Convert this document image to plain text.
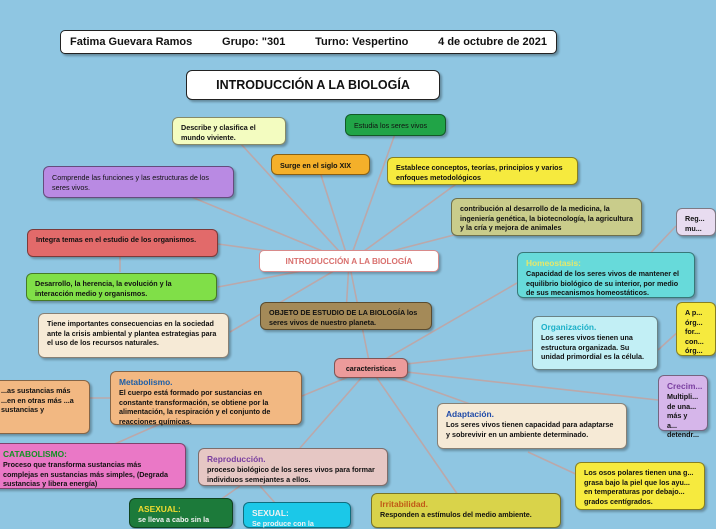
Fatima Guevara Ramos	Grupo: "301	Turno: Vespertino	4 de octubre de 2021
INTRODUCCIÓN A LA BIOLOGÍA
INTRODUCCIÓN A LA BIOLOGÍA
Describe y clasifica el mundo viviente.
Estudia los seres vivos
Surge en el siglo XIX
Comprende las funciones y las estructuras de los seres vivos.
Establece conceptos, teorías, principios y varios enfoques metodológicos
contribución al desarrollo de la medicina, la ingeniería genética, la biotecnología, la agricultura y la cría y mejora de animales
Integra temas en el estudio de los organismos.
Desarrollo, la herencia, la evolución y la interacción medio y organismos.
Tiene importantes consecuencias en la sociedad ante la crisis ambiental y plantea estrategias para el uso de los recursos naturales.
OBJETO DE ESTUDIO DE LA BIOLOGÍA los seres vivos de nuestro planeta.
caracteristicas
Homeostasis:
Capacidad de los seres vivos de mantener el equilibrio biológico de su interior, por medio de sus mecanismos homeostáticos.
Organización.
Los seres vivos tienen una estructura organizada. Su unidad primordial es la célula.
Metabolismo.
El cuerpo está formado por sustancias en constante transformación, se obtiene por la alimentación, la respiración y el conjunto de reacciones químicas.
...as sustancias más ...en en otras más ...a sustancias y	Adaptación.
Los seres vivos tienen capacidad para adaptarse y sobrevivir en un ambiente determinado.
CATABOLISMO:
Proceso que transforma sustancias más complejas en sustancias más simples, (Degrada sustancias y libera energía)
Reproducción.
proceso biológico de los seres vivos para formar individuos semejantes a ellos.
ASEXUAL:
se lleva a cabo sin la
SEXUAL:
Se produce con la
Irritabilidad.
Responden a estímulos del medio ambiente.
Los osos polares tienen una g... grasa bajo la piel que los ayu... en temperaturas por debajo... grados centígrados.
Crecim...
Multipli... de una... más y a... detendr...
A p... órg... for... con... órg...
Reg... mu...
